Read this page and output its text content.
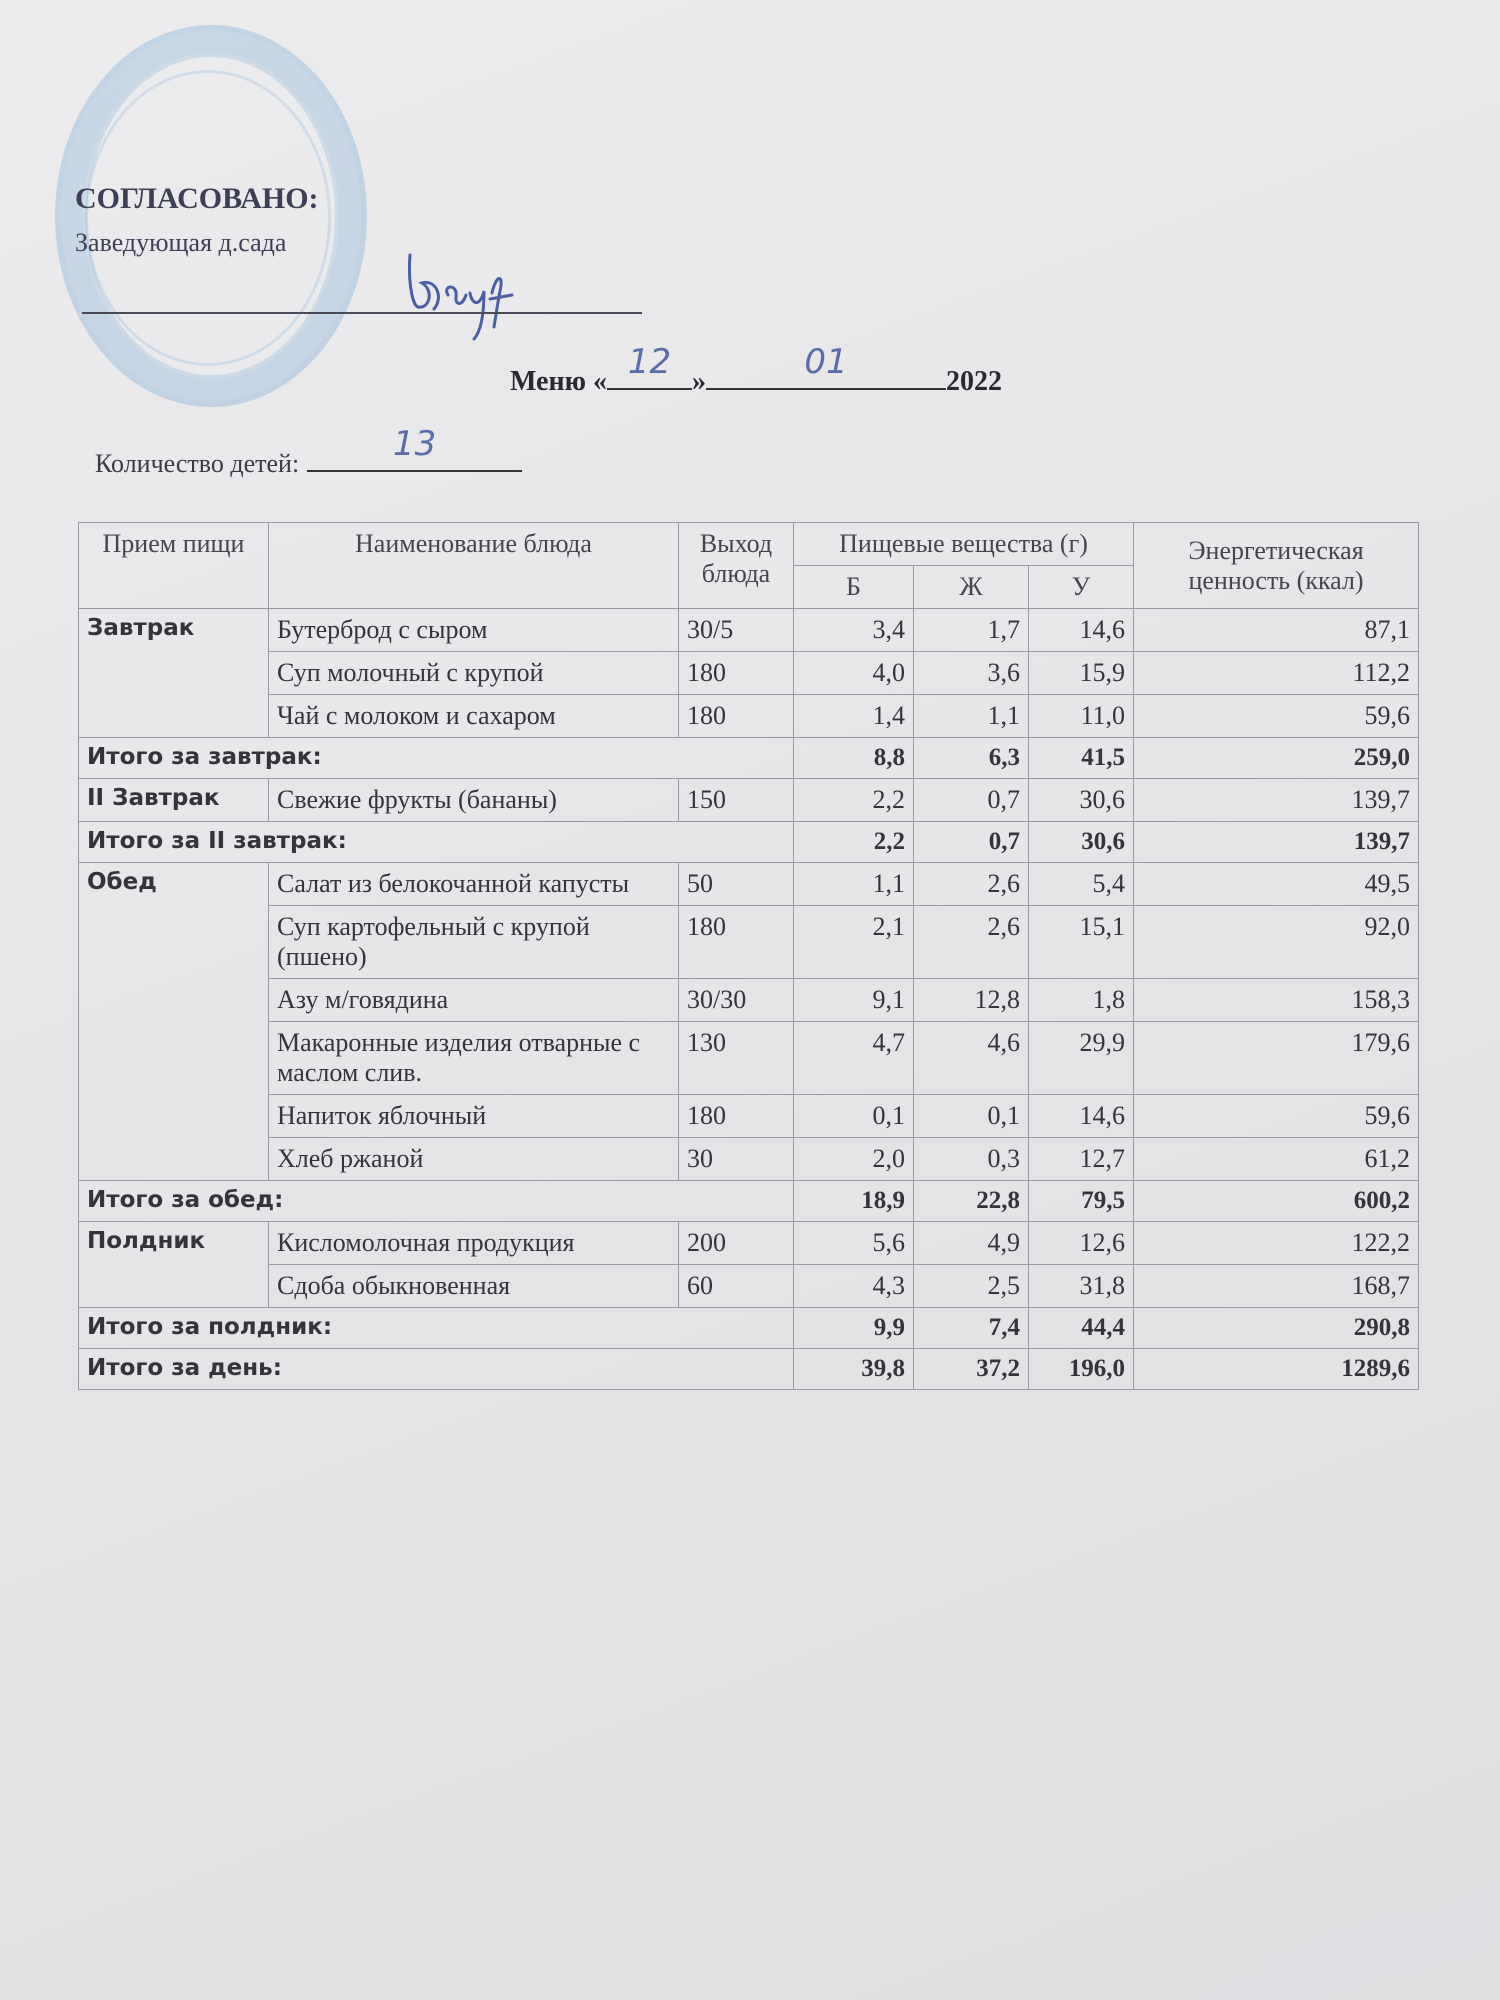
СОГЛАСОВАНО:
Заведующая д.сада
Меню « 12 »	01	2022
Количество детей:	13
Прием пищи	Наименование блюда	Выход блюда	Пищевые вещества (г)			Энергетическая ценность (ккал)
			Б	Ж	У	
Завтрак	Бутерброд с сыром	30/5	3,4	1,7	14,6	87,1
	Суп молочный с крупой	180	4,0	3,6	15,9	112,2
	Чай с молоком и сахаром	180	1,4	1,1	11,0	59,6
Итого за завтрак:			8,8	6,3	41,5	259,0
II Завтрак	Свежие фрукты (бананы)	150	2,2	0,7	30,6	139,7
Итого за II завтрак:			2,2	0,7	30,6	139,7
Обед	Салат из белокочанной капусты	50	1,1	2,6	5,4	49,5
	Суп картофельный с крупой (пшено)	180	2,1	2,6	15,1	92,0
	Азу м/говядина	30/30	9,1	12,8	1,8	158,3
	Макаронные изделия отварные с маслом слив.	130	4,7	4,6	29,9	179,6
	Напиток яблочный	180	0,1	0,1	14,6	59,6
	Хлеб ржаной	30	2,0	0,3	12,7	61,2
Итого за обед:			18,9	22,8	79,5	600,2
Полдник	Кисломолочная продукция	200	5,6	4,9	12,6	122,2
	Сдоба обыкновенная	60	4,3	2,5	31,8	168,7
Итого за полдник:			9,9	7,4	44,4	290,8
Итого за день:			39,8	37,2	196,0	1289,6
